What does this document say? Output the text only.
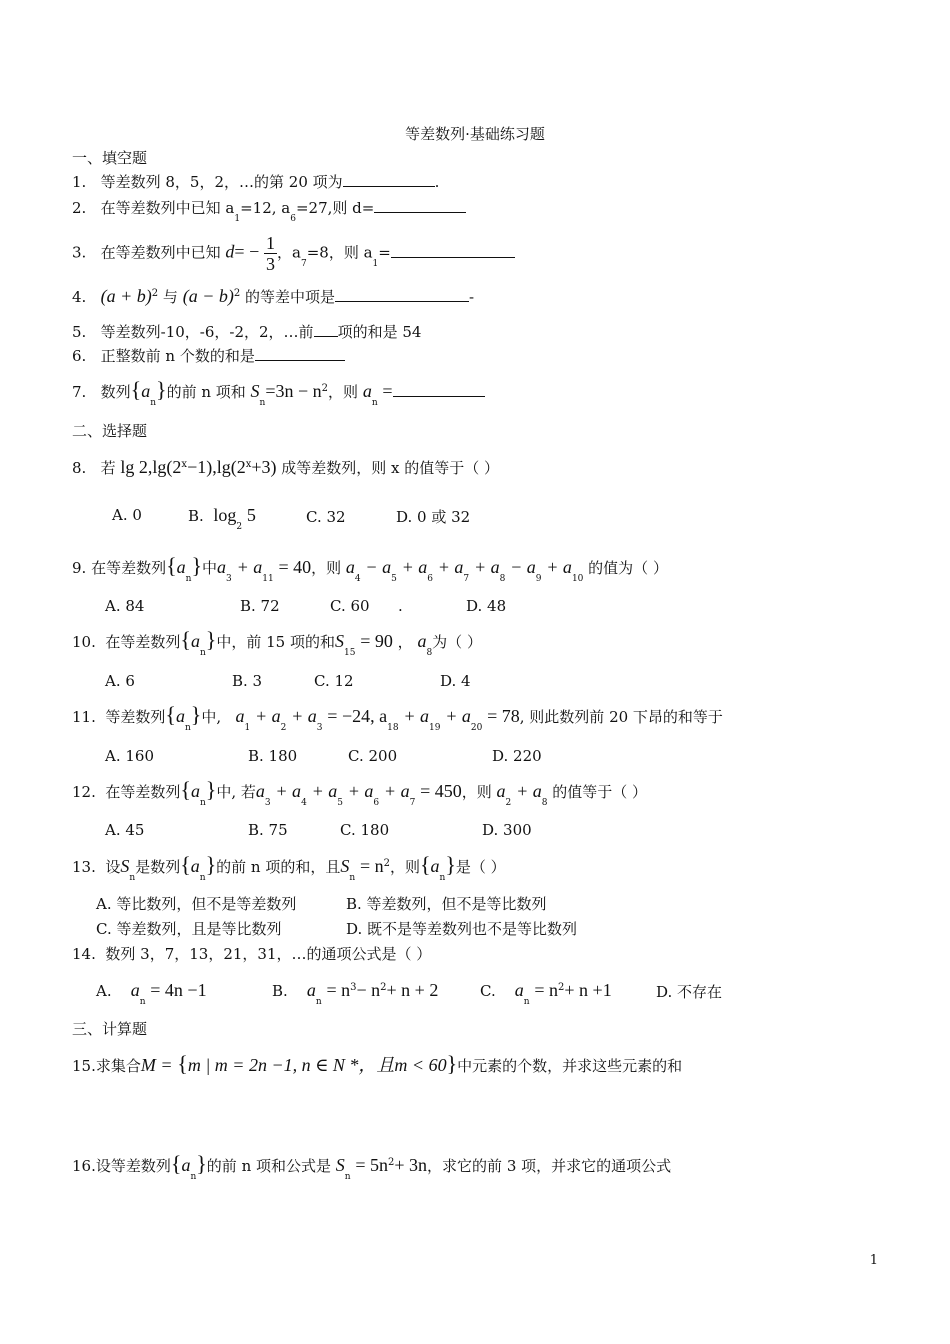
等差数列·基础练习题
一、填空题
1. 等差数列 8，5，2，…的第 20 项为	.
2. 在等差数列中已知 $a_1=12$, $a_6=27$,则 d=
3. 在等差数列中已知 $d= - \frac{1}{3}$ ，$a_7=8$，则 $a_1=$
4. $(a + b)^2$ 与 $(a - b)^2$ 的等差中项是	-
5. 等差数列-10，-6，-2，2，…前 项的和是 54
6. 正整数前 n 个数的和是
7. 数列$\{a_n\}$的前 n 项和 $S_n=3n - n^2$，则 $a_n$ =
二、选择题
8. 若 $\lg 2,\lg(2^x-1),\lg(2^x+3)$ 成等差数列，则 x 的值等于（ ）
A. 0	B. $\log_2 5$	C. 32	D. 0 或 32
9. 在等差数列$\{a_n\}$中$a_3 + a_{11} = 40$，则 $a_4 - a_5 + a_6 + a_7 + a_8 - a_9 + a_{10}$ 的值为（ ）
A. 84	B. 72	C. 60 .	D. 48
10. 在等差数列$\{a_n\}$中，前 15 项的和$S_{15} = 90$ ， $a_8$为（ ）
A. 6	B. 3	C. 12	D. 4
11. 等差数列$\{a_n\}$中, $a_1 + a_2 + a_3 = -24$, $a_{18} + a_{19} + a_{20} = 78$, 则此数列前 20 下昂的和等于
A. 160	B. 180	C. 200	D. 220
12. 在等差数列$\{a_n\}$中, 若$a_3 + a_4 + a_5 + a_6 + a_7 = 450$，则 $a_2 + a_8$ 的值等于（ ）
A. 45	B. 75	C. 180	D. 300
13. 设$S_n$是数列$\{a_n\}$的前 n 项的和，且$S_n = n^2$，则$\{a_n\}$是（ ）
A. 等比数列，但不是等差数列	B. 等差数列，但不是等比数列
C. 等差数列，且是等比数列	D. 既不是等差数列也不是等比数列
14. 数列 3，7，13，21，31，…的通项公式是（ ）
A. $a_n = 4n -1$	B. $a_n = n^3- n^2+ n + 2$	C. $a_n = n^2+ n +1$	D. 不存在
三、计算题
15.求集合M = {m | m = 2n −1, n ∈ N *，且m < 60}中元素的个数，并求这些元素的和
16.设等差数列$\{a_n\}$的前 n 项和公式是 $S_n = 5n^2+ 3n$，求它的前 3 项，并求它的通项公式
1
